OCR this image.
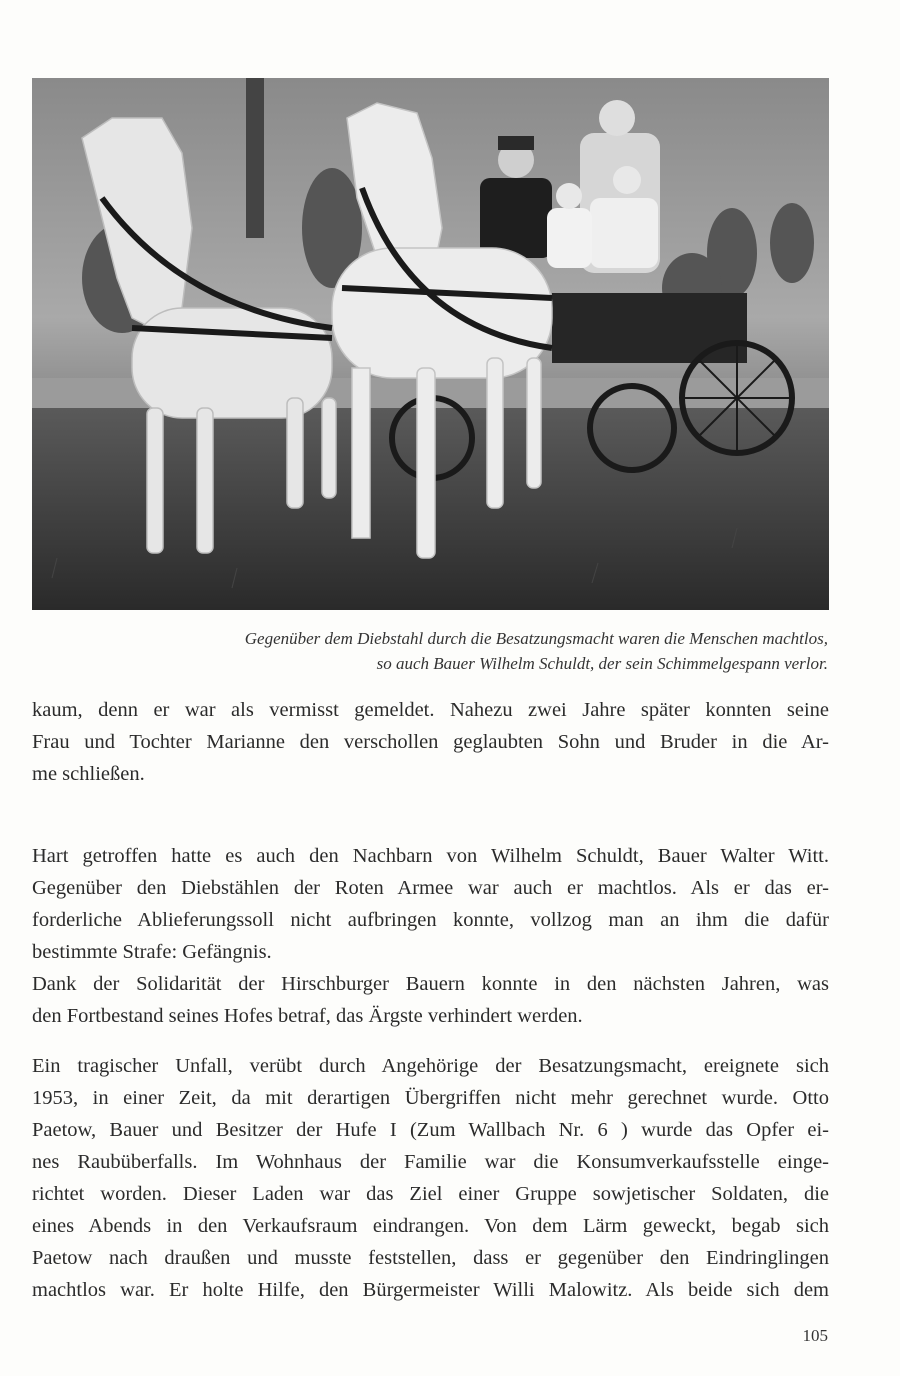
Gegenüber dem Diebstahl durch die Besatzungsmacht waren die Menschen machtlos,
so auch Bauer Wilhelm Schuldt, der sein Schimmelgespann verlor.
kaum, denn er war als vermisst gemeldet. Nahezu zwei Jahre später konnten seine
Frau und Tochter Marianne den verschollen geglaubten Sohn und Bruder in die Ar-
me schließen.
Hart getroffen hatte es auch den Nachbarn von Wilhelm Schuldt, Bauer Walter Witt.
Gegenüber den Diebstählen der Roten Armee war auch er machtlos. Als er das er-
forderliche Ablieferungssoll nicht aufbringen konnte, vollzog man an ihm die dafür
bestimmte Strafe: Gefängnis.
Dank der Solidarität der Hirschburger Bauern konnte in den nächsten Jahren, was
den Fortbestand seines Hofes betraf, das Ärgste verhindert werden.
Ein tragischer Unfall, verübt durch Angehörige der Besatzungsmacht, ereignete sich
1953, in einer Zeit, da mit derartigen Übergriffen nicht mehr gerechnet wurde. Otto
Paetow, Bauer und Besitzer der Hufe I (Zum Wallbach Nr. 6 ) wurde das Opfer ei-
nes Raubüberfalls. Im Wohnhaus der Familie war die Konsumverkaufsstelle einge-
richtet worden. Dieser Laden war das Ziel einer Gruppe sowjetischer Soldaten, die
eines Abends in den Verkaufsraum eindrangen. Von dem Lärm geweckt, begab sich
Paetow nach draußen und musste feststellen, dass er gegenüber den Eindringlingen
machtlos war. Er holte Hilfe, den Bürgermeister Willi Malowitz. Als beide sich dem
105
